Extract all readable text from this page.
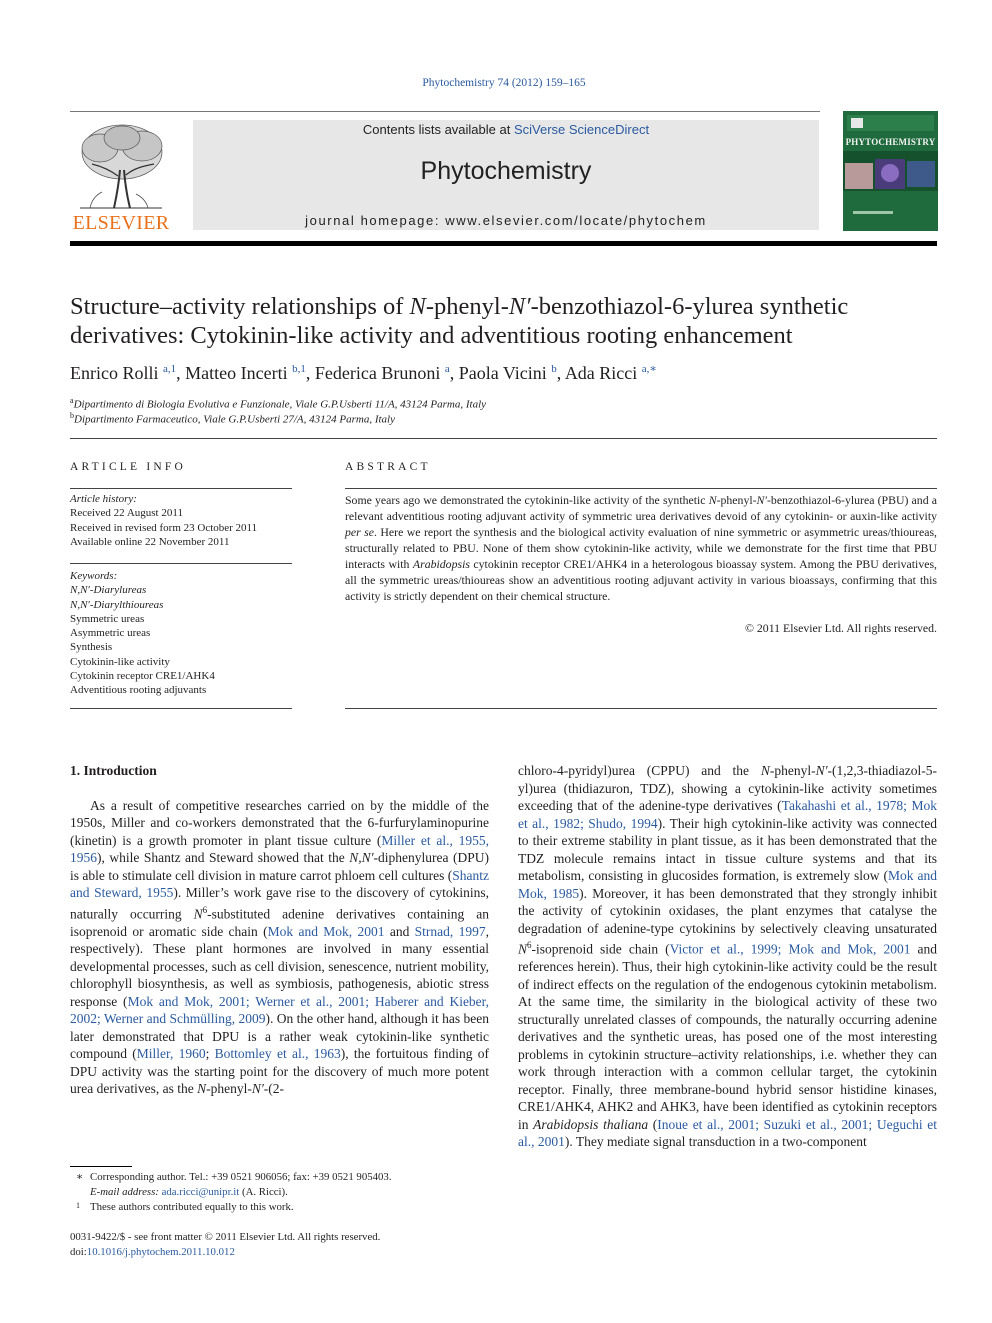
Phytochemistry 74 (2012) 159–165
ELSEVIER
Contents lists available at SciVerse ScienceDirect
Phytochemistry
journal homepage: www.elsevier.com/locate/phytochem
PHYTOCHEMISTRY
Structure–activity relationships of N-phenyl-N′-benzothiazol-6-ylurea synthetic
derivatives: Cytokinin-like activity and adventitious rooting enhancement
Enrico Rolli $^{a,1}$, Matteo Incerti $^{b,1}$, Federica Brunoni $^a$, Paola Vicini $^b$, Ada Ricci $^{a,∗}$
$^a$Dipartimento di Biologia Evolutiva e Funzionale, Viale G.P.Usberti 11/A, 43124 Parma, Italy
$^b$Dipartimento Farmaceutico, Viale G.P.Usberti 27/A, 43124 Parma, Italy
ARTICLE INFO
Article history:
Received 22 August 2011
Received in revised form 23 October 2011
Available online 22 November 2011
Keywords:
N,N′-Diarylureas
N,N′-Diarylthioureas
Symmetric ureas
Asymmetric ureas
Synthesis
Cytokinin-like activity
Cytokinin receptor CRE1/AHK4
Adventitious rooting adjuvants
ABSTRACT
Some years ago we demonstrated the cytokinin-like activity of the synthetic N-phenyl-N′-benzothiazol-6-ylurea (PBU) and a relevant adventitious rooting adjuvant activity of symmetric urea derivatives devoid of any cytokinin- or auxin-like activity per se. Here we report the synthesis and the biological activity evaluation of nine symmetric or asymmetric ureas/thioureas, structurally related to PBU. None of them show cytokinin-like activity, while we demonstrate for the first time that PBU interacts with Arabidopsis cytokinin receptor CRE1/AHK4 in a heterologous bioassay system. Among the PBU derivatives, all the symmetric ureas/thioureas show an adventitious rooting adjuvant activity in various bioassays, confirming that this activity is strictly dependent on their chemical structure.
© 2011 Elsevier Ltd. All rights reserved.

1. Introduction

As a result of competitive researches carried on by the middle of the 1950s, Miller and co-workers demonstrated that the 6-furfurylaminopurine (kinetin) is a growth promoter in plant tissue culture (Miller et al., 1955, 1956), while Shantz and Steward showed that the N,N′-diphenylurea (DPU) is able to stimulate cell division in mature carrot phloem cell cultures (Shantz and Steward, 1955). Miller’s work gave rise to the discovery of cytokinins, naturally occurring $N^6$-substituted adenine derivatives containing an isoprenoid or aromatic side chain (Mok and Mok, 2001 and Strnad, 1997, respectively). These plant hormones are involved in many essential developmental processes, such as cell division, senescence, nutrient mobility, chlorophyll biosynthesis, as well as symbiosis, pathogenesis, abiotic stress response (Mok and Mok, 2001; Werner et al., 2001; Haberer and Kieber, 2002; Werner and Schmülling, 2009). On the other hand, although it has been later demonstrated that DPU is a rather weak cytokinin-like synthetic compound (Miller, 1960; Bottomley et al., 1963), the fortuitous finding of DPU activity was the starting point for the discovery of much more potent urea derivatives, as the N-phenyl-N′-(2-

chloro-4-pyridyl)urea (CPPU) and the N-phenyl-N′-(1,2,3-thiadiazol-5-yl)urea (thidiazuron, TDZ), showing a cytokinin-like activity sometimes exceeding that of the adenine-type derivatives (Takahashi et al., 1978; Mok et al., 1982; Shudo, 1994). Their high cytokinin-like activity was connected to their extreme stability in plant tissue, as it has been demonstrated that the TDZ molecule remains intact in tissue culture systems and that its metabolism, consisting in glucosides formation, is extremely slow (Mok and Mok, 1985). Moreover, it has been demonstrated that they strongly inhibit the activity of cytokinin oxidases, the plant enzymes that catalyse the degradation of adenine-type cytokinins by selectively cleaving unsaturated $N^6$-isoprenoid side chain (Victor et al., 1999; Mok and Mok, 2001 and references herein). Thus, their high cytokinin-like activity could be the result of indirect effects on the regulation of the endogenous cytokinin metabolism. At the same time, the similarity in the biological activity of these two structurally unrelated classes of compounds, the naturally occurring adenine derivatives and the synthetic ureas, has posed one of the most interesting problems in cytokinin structure–activity relationships, i.e. whether they can work through interaction with a common cellular target, the cytokinin receptor. Finally, three membrane-bound hybrid sensor histidine kinases, CRE1/AHK4, AHK2 and AHK3, have been identified as cytokinin receptors in Arabidopsis thaliana (Inoue et al., 2001; Suzuki et al., 2001; Ueguchi et al., 2001). They mediate signal transduction in a two-component

∗ Corresponding author. Tel.: +39 0521 906056; fax: +39 0521 905403.
E-mail address: ada.ricci@unipr.it (A. Ricci).
1 These authors contributed equally to this work.
0031-9422/$ - see front matter © 2011 Elsevier Ltd. All rights reserved.
doi:10.1016/j.phytochem.2011.10.012
